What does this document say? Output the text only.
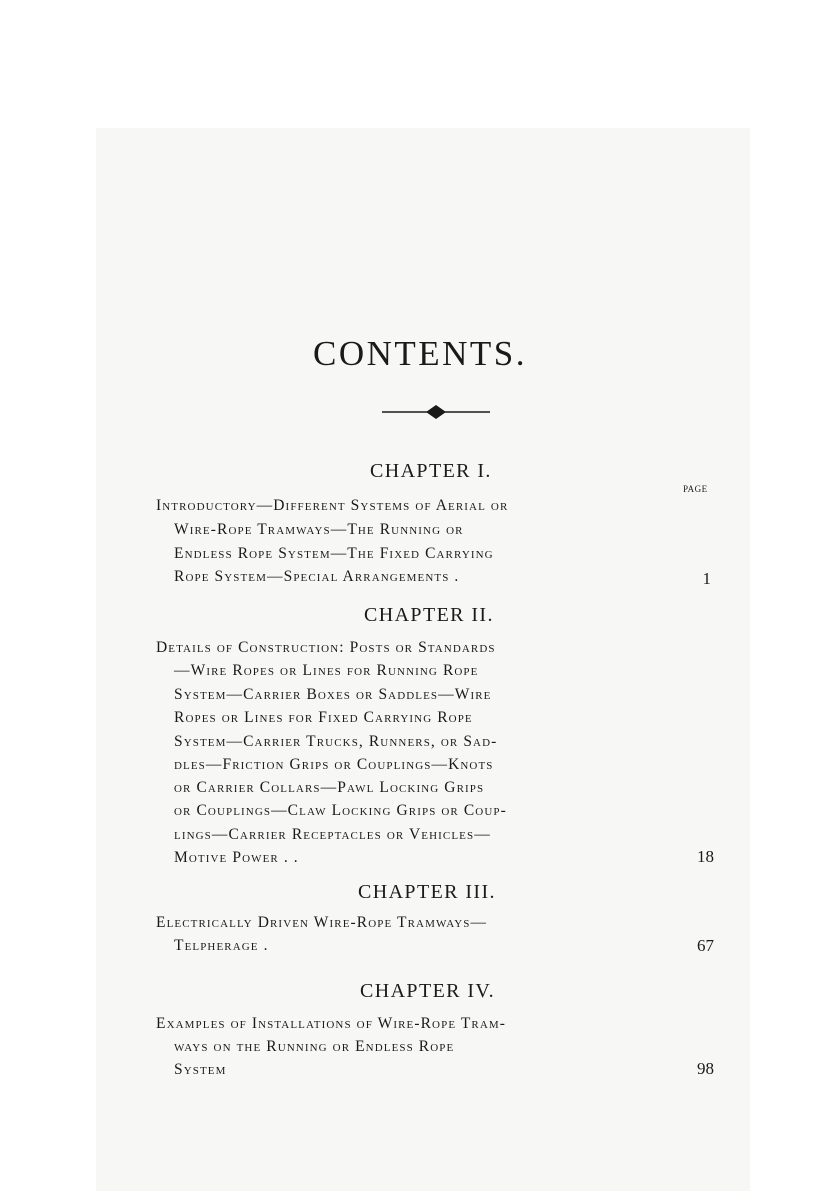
CONTENTS.
PAGE
CHAPTER I.
Introductory—Different Systems of Aerial or
Wire-Rope Tramways—The Running or
Endless Rope System—The Fixed Carrying
Rope System—Special Arrangements .	1
CHAPTER II.
Details of Construction: Posts or Standards
—Wire Ropes or Lines for Running Rope
System—Carrier Boxes or Saddles—Wire
Ropes or Lines for Fixed Carrying Rope
System—Carrier Trucks, Runners, or Sad-
dles—Friction Grips or Couplings—Knots
or Carrier Collars—Pawl Locking Grips
or Couplings—Claw Locking Grips or Coup-
lings—Carrier Receptacles or Vehicles—
Motive Power . .	18
CHAPTER III.
Electrically Driven Wire-Rope Tramways—
Telpherage .	67
CHAPTER IV.
Examples of Installations of Wire-Rope Tram-
ways on the Running or Endless Rope
System	98
